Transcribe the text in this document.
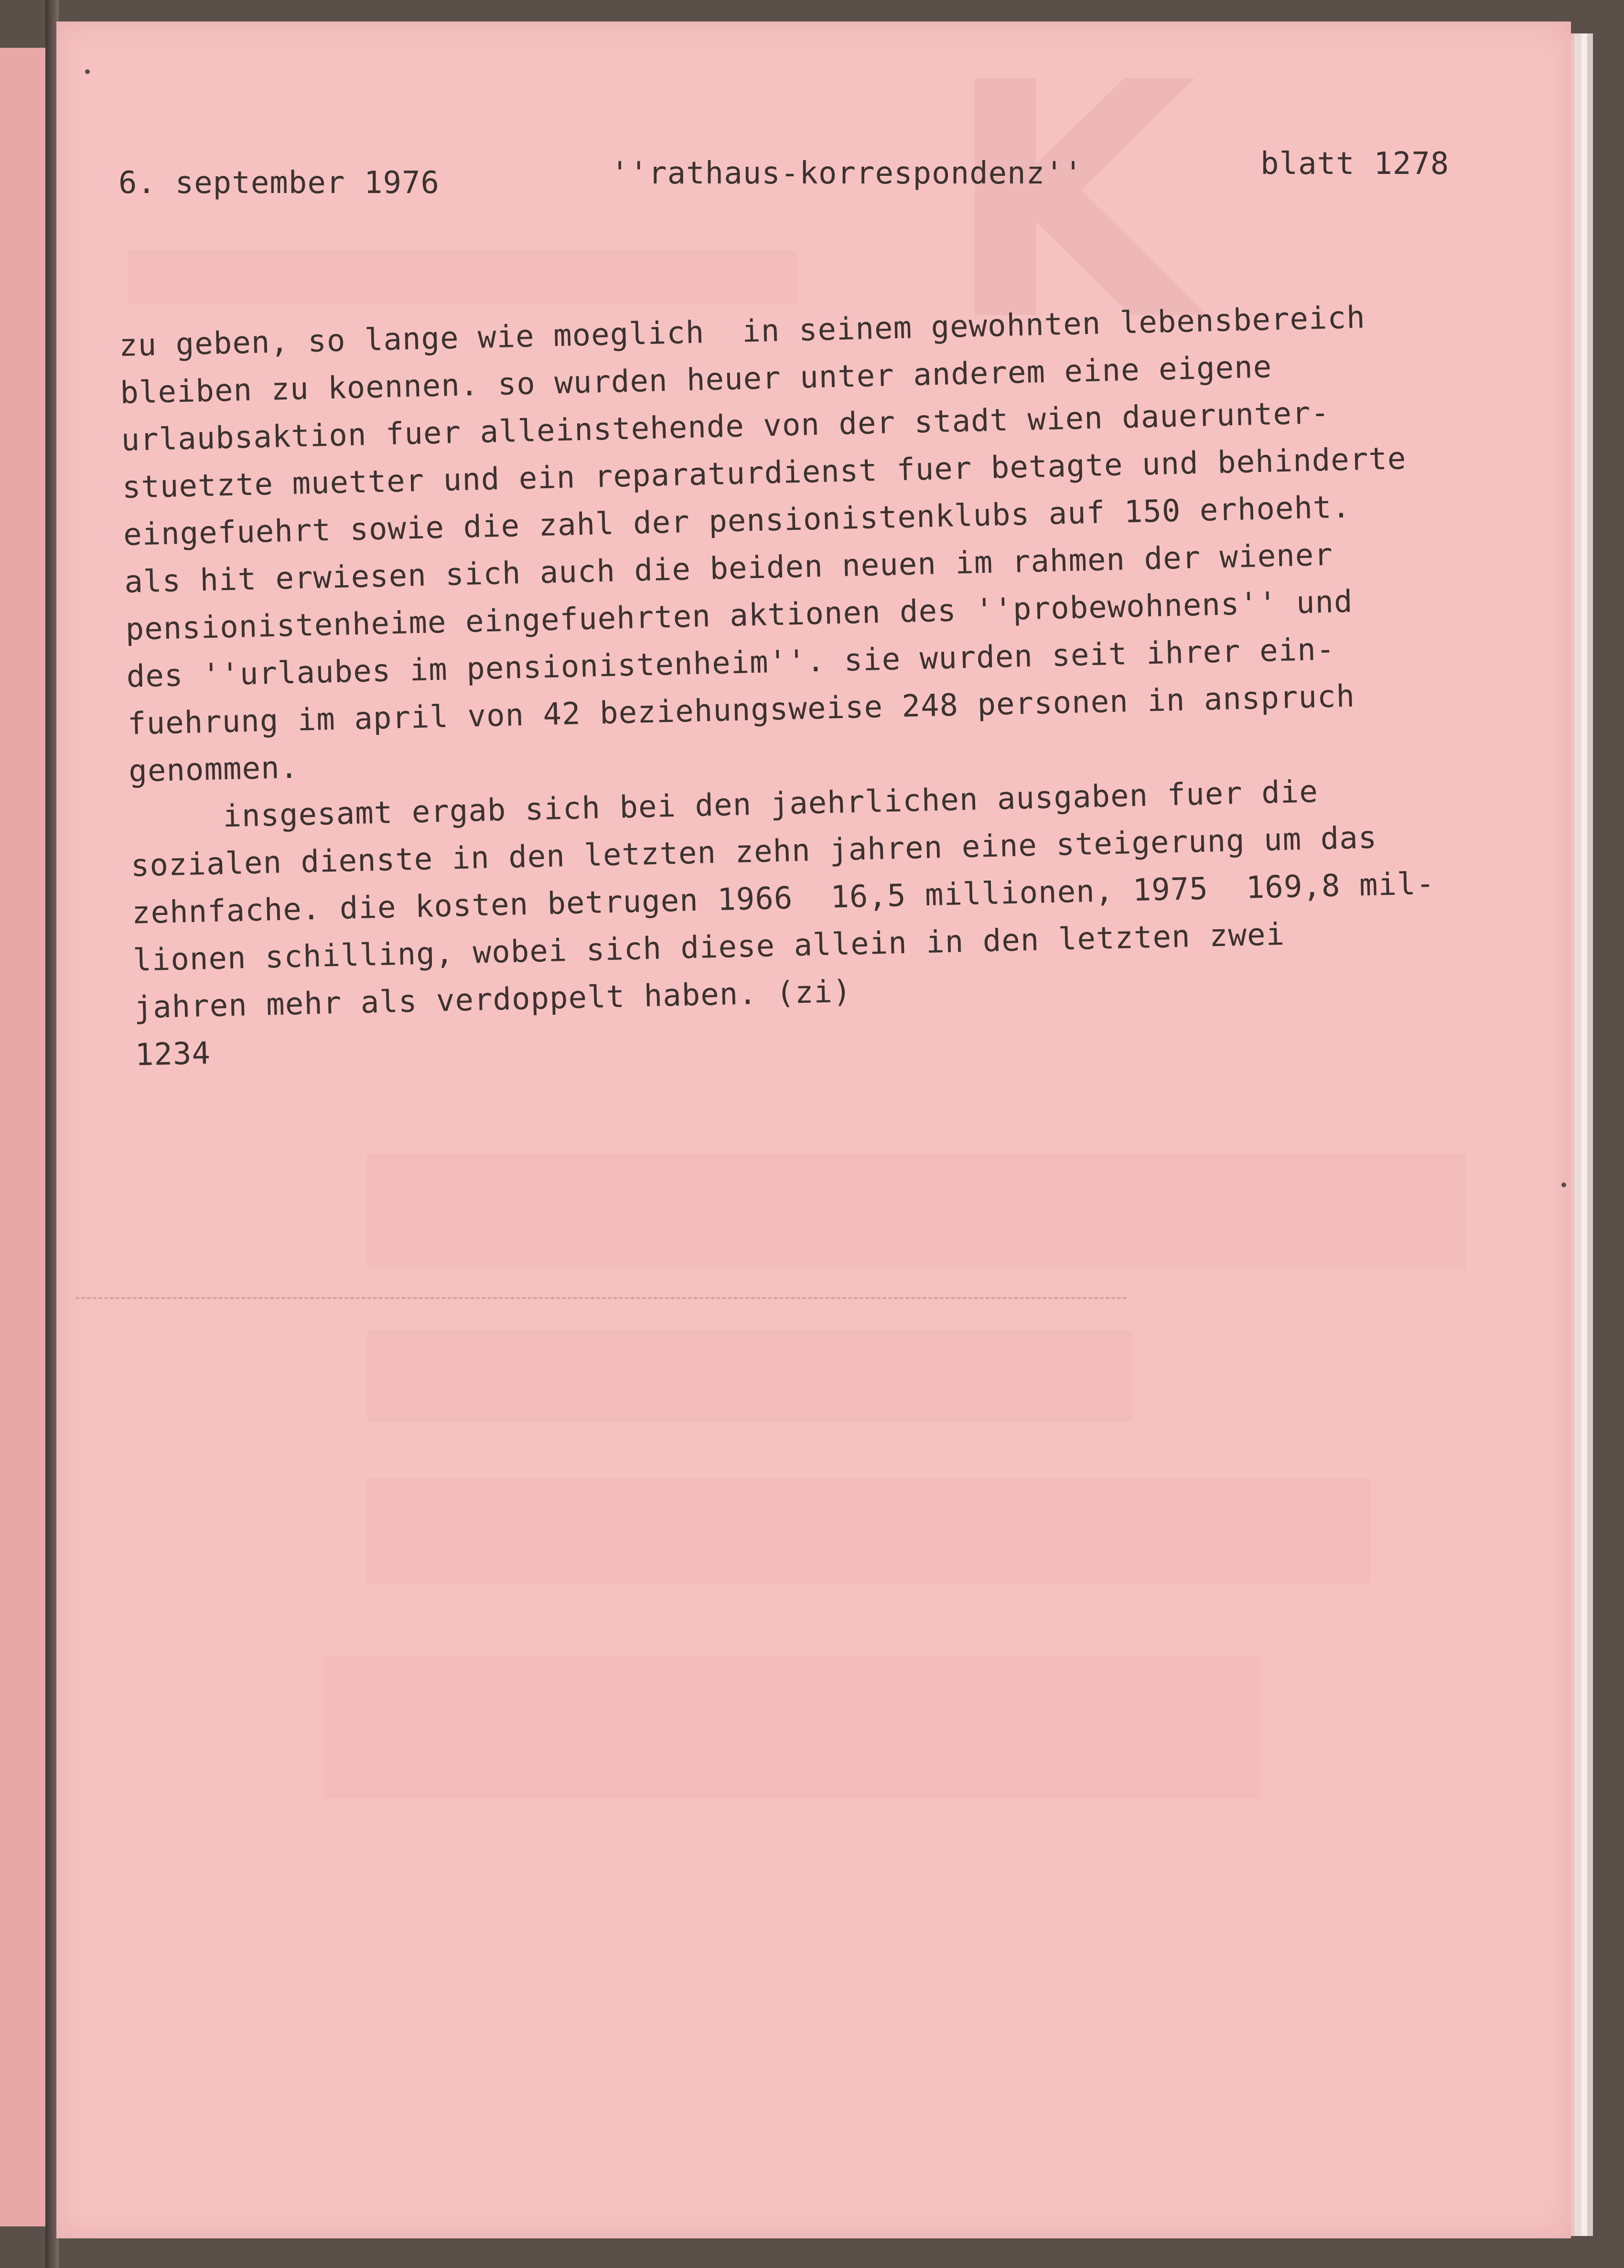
K
6. september 1976	''rathaus-korrespondenz''	blatt 1278
zu geben, so lange wie moeglich  in seinem gewohnten lebensbereich
bleiben zu koennen. so wurden heuer unter anderem eine eigene
urlaubsaktion fuer alleinstehende von der stadt wien dauerunter-
stuetzte muetter und ein reparaturdienst fuer betagte und behinderte
eingefuehrt sowie die zahl der pensionistenklubs auf 150 erhoeht.
als hit erwiesen sich auch die beiden neuen im rahmen der wiener
pensionistenheime eingefuehrten aktionen des ''probewohnens'' und
des ''urlaubes im pensionistenheim''. sie wurden seit ihrer ein-
fuehrung im april von 42 beziehungsweise 248 personen in anspruch
genommen.
insgesamt ergab sich bei den jaehrlichen ausgaben fuer die
sozialen dienste in den letzten zehn jahren eine steigerung um das
zehnfache. die kosten betrugen 1966  16,5 millionen, 1975  169,8 mil-
lionen schilling, wobei sich diese allein in den letzten zwei
jahren mehr als verdoppelt haben. (zi)
1234
